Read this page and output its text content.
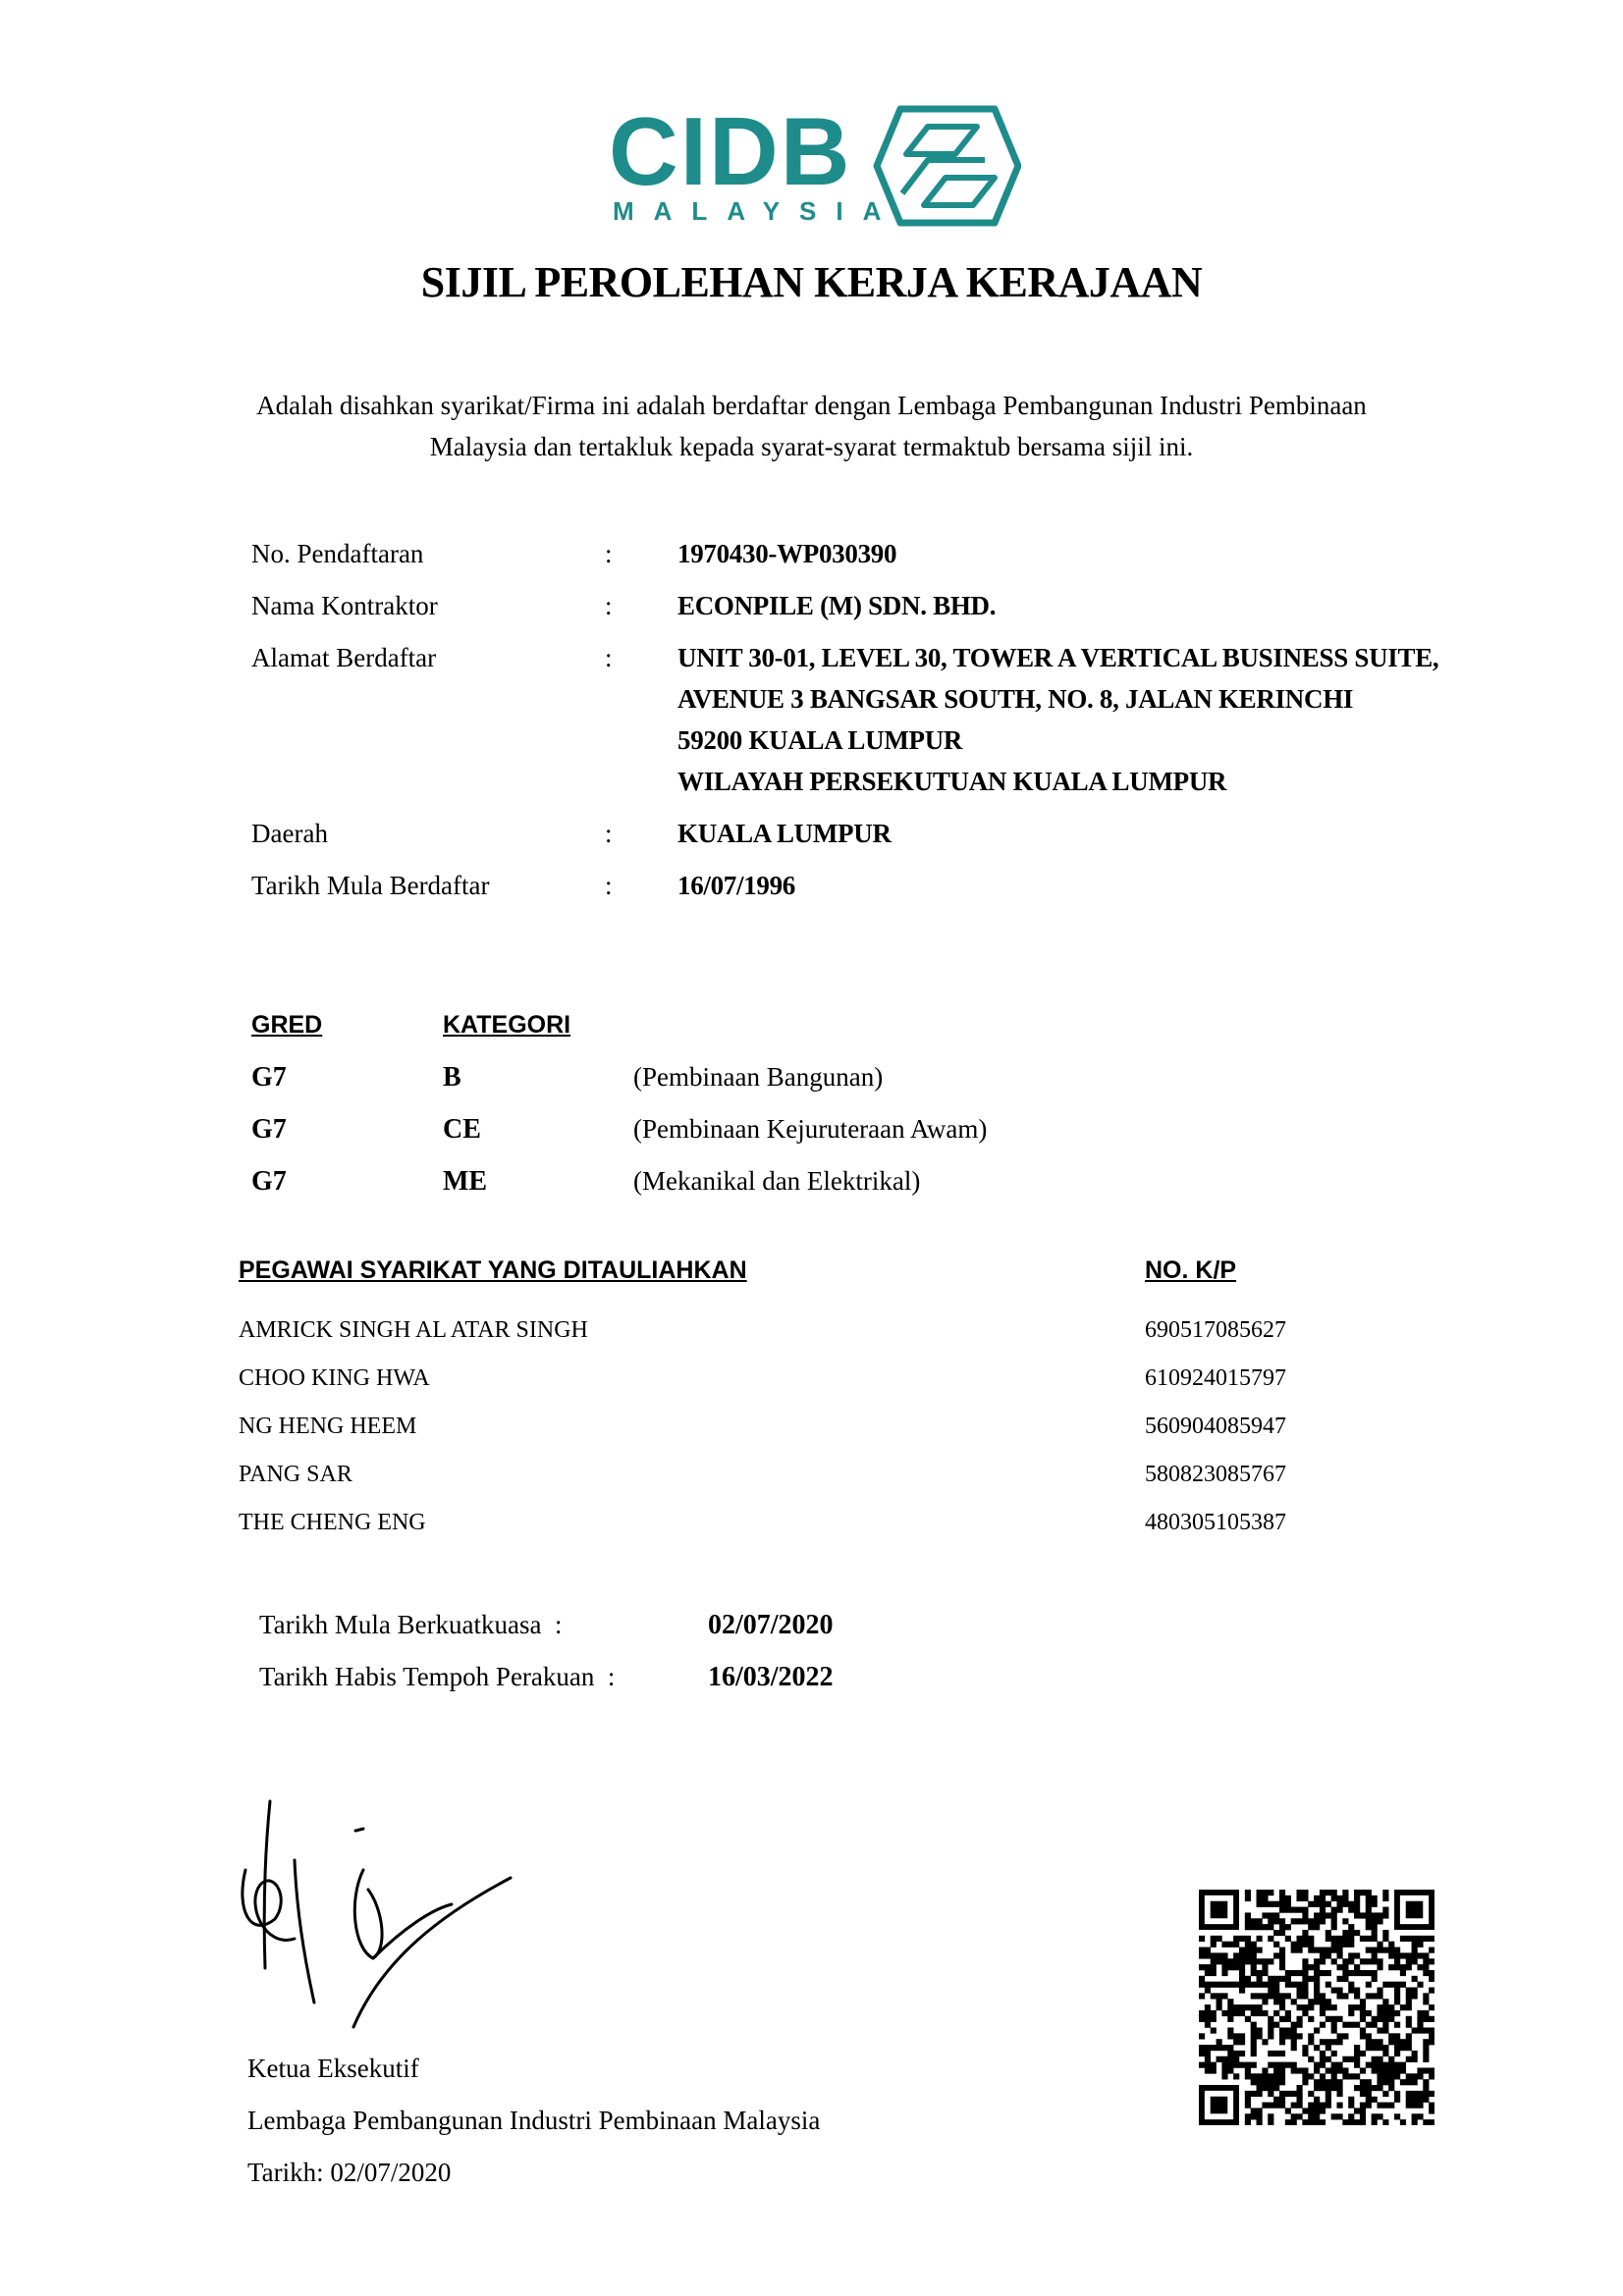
CIDB
MALAYSIA
SIJIL PEROLEHAN KERJA KERAJAAN
Adalah disahkan syarikat/Firma ini adalah berdaftar dengan Lembaga Pembangunan Industri Pembinaan
Malaysia dan tertakluk kepada syarat-syarat termaktub bersama sijil ini.
No. Pendaftaran	: 1970430-WP030390
Nama Kontraktor	: ECONPILE (M) SDN. BHD.
Alamat Berdaftar	: UNIT 30-01, LEVEL 30, TOWER A VERTICAL BUSINESS SUITE,
AVENUE 3 BANGSAR SOUTH, NO. 8, JALAN KERINCHI
59200 KUALA LUMPUR
WILAYAH PERSEKUTUAN KUALA LUMPUR
Daerah	: KUALA LUMPUR
Tarikh Mula Berdaftar	: 16/07/1996
GRED	KATEGORI
G7	B	(Pembinaan Bangunan)
G7	CE	(Pembinaan Kejuruteraan Awam)
G7	ME	(Mekanikal dan Elektrikal)
PEGAWAI SYARIKAT YANG DITAULIAHKAN	NO. K/P
AMRICK SINGH AL ATAR SINGH	690517085627
CHOO KING HWA	610924015797
NG HENG HEEM	560904085947
PANG SAR	580823085767
THE CHENG ENG	480305105387
Tarikh Mula Berkuatkuasa  :	02/07/2020
Tarikh Habis Tempoh Perakuan  :	16/03/2022
Ketua Eksekutif
Lembaga Pembangunan Industri Pembinaan Malaysia
Tarikh: 02/07/2020
